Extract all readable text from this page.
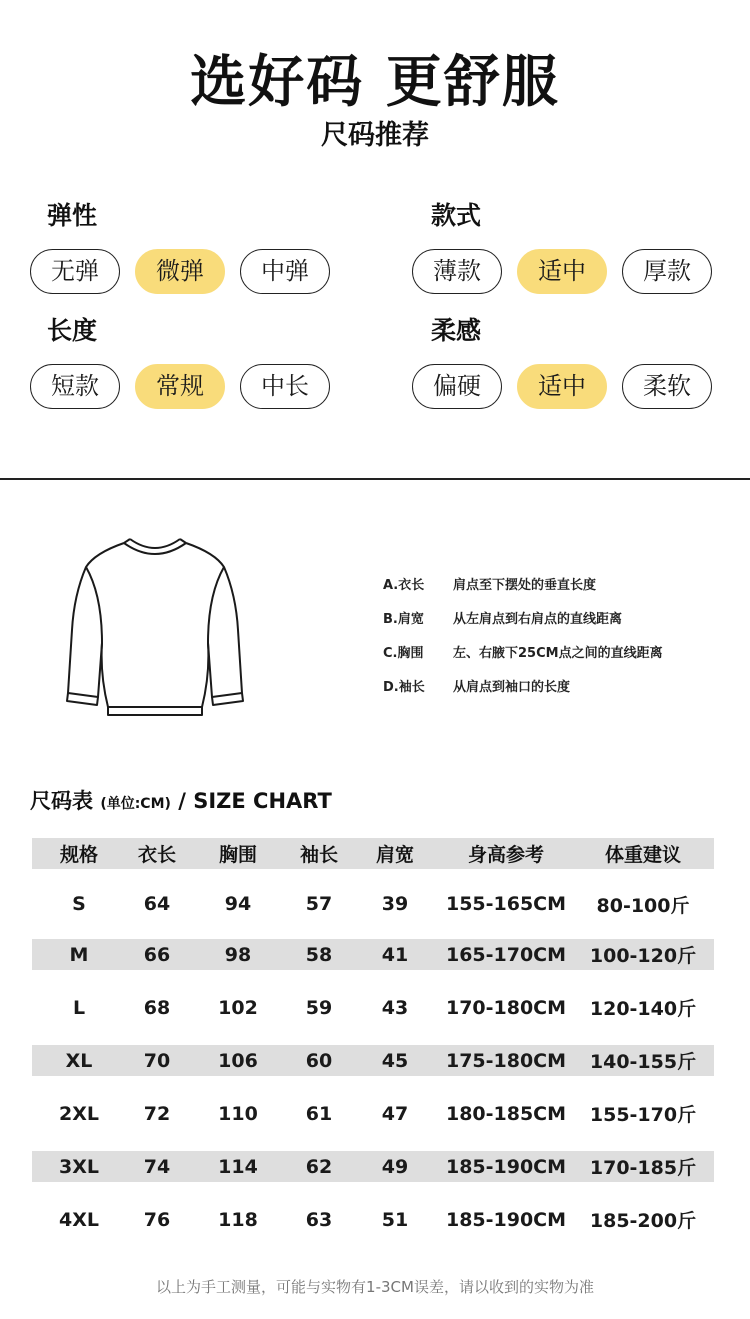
选好码 更舒服
尺码推荐
弹性
无弹	微弹	中弹
款式
薄款	适中	厚款
长度
短款	常规	中长
柔感
偏硬	适中	柔软
A.衣长	肩点至下摆处的垂直长度
B.肩宽	从左肩点到右肩点的直线距离
C.胸围	左、右腋下25CM点之间的直线距离
D.袖长	从肩点到袖口的长度
尺码表 (单位:CM) / SIZE CHART
规格	衣长	胸围	袖长	肩宽	身高参考	体重建议
S	64	94	57	39	155-165CM	80-100斤
M	66	98	58	41	165-170CM	100-120斤
L	68	102	59	43	170-180CM	120-140斤
XL	70	106	60	45	175-180CM	140-155斤
2XL	72	110	61	47	180-185CM	155-170斤
3XL	74	114	62	49	185-190CM	170-185斤
4XL	76	118	63	51	185-190CM	185-200斤
以上为手工测量，可能与实物有1-3CM误差，请以收到的实物为准
